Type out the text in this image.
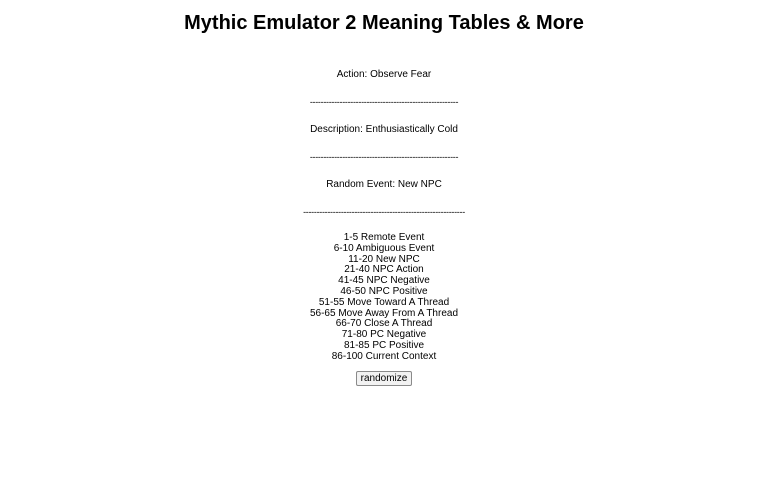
Mythic Emulator 2 Meaning Tables & More
Action: Observe Fear
-------------------------------------------------------
Description: Enthusiastically Cold
-------------------------------------------------------
Random Event: New NPC
------------------------------------------------------------
1-5 Remote Event
6-10 Ambiguous Event
11-20 New NPC
21-40 NPC Action
41-45 NPC Negative
46-50 NPC Positive
51-55 Move Toward A Thread
56-65 Move Away From A Thread
66-70 Close A Thread
71-80 PC Negative
81-85 PC Positive
86-100 Current Context
randomize
